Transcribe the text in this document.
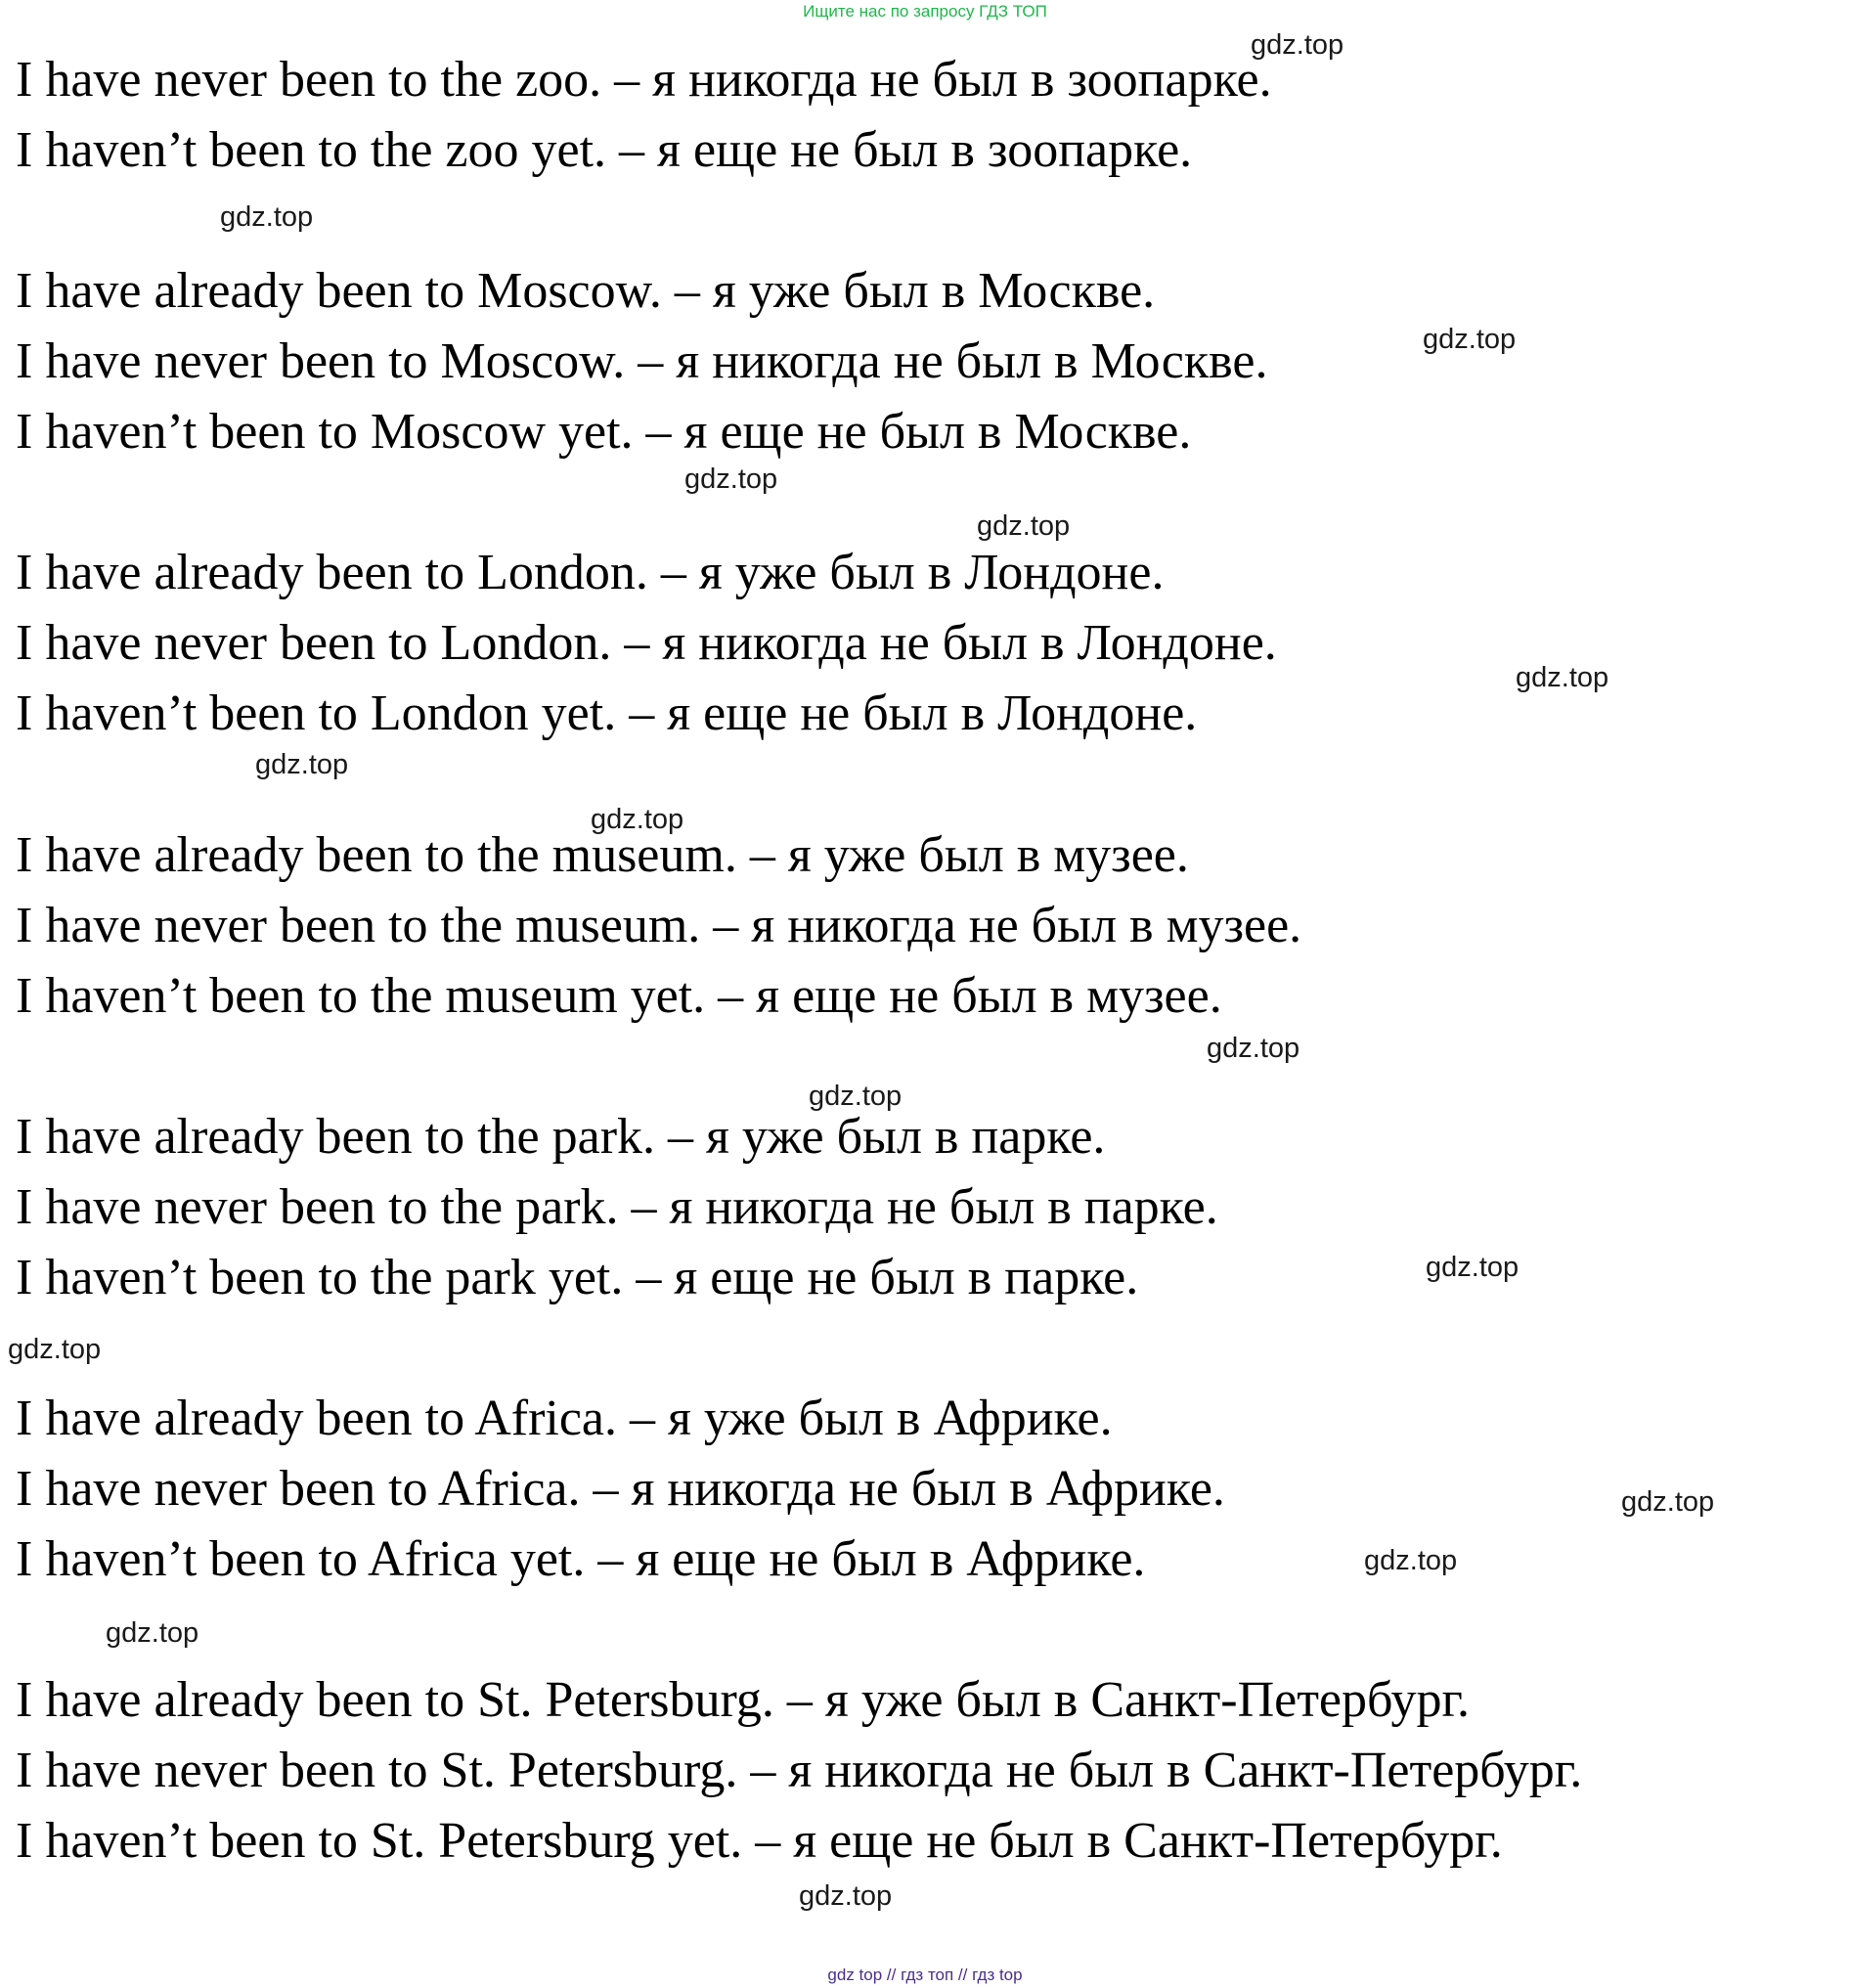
Ищите нас по запросу ГДЗ ТОП
I have never been to the zoo. – я никогда не был в зоопарке.
I haven’t been to the zoo yet. – я еще не был в зоопарке.
I have already been to Moscow. – я уже был в Москве.
I have never been to Moscow. – я никогда не был в Москве.
I haven’t been to Moscow yet. – я еще не был в Москве.
I have already been to London. – я уже был в Лондоне.
I have never been to London. – я никогда не был в Лондоне.
I haven’t been to London yet. – я еще не был в Лондоне.
I have already been to the museum. – я уже был в музее.
I have never been to the museum. – я никогда не был в музее.
I haven’t been to the museum yet. – я еще не был в музее.
I have already been to the park. – я уже был в парке.
I have never been to the park. – я никогда не был в парке.
I haven’t been to the park yet. – я еще не был в парке.
I have already been to Africa. – я уже был в Африке.
I have never been to Africa. – я никогда не был в Африке.
I haven’t been to Africa yet. – я еще не был в Африке.
I have already been to St. Petersburg. – я уже был в Санкт-Петербург.
I have never been to St. Petersburg. – я никогда не был в Санкт-Петербург.
I haven’t been to St. Petersburg yet. – я еще не был в Санкт-Петербург.
gdz.top
gdz.top
gdz.top
gdz.top
gdz.top
gdz.top
gdz.top
gdz.top
gdz.top
gdz.top
gdz.top
gdz.top
gdz.top
gdz.top
gdz.top
gdz.top
gdz top // гдз топ // гдз top
